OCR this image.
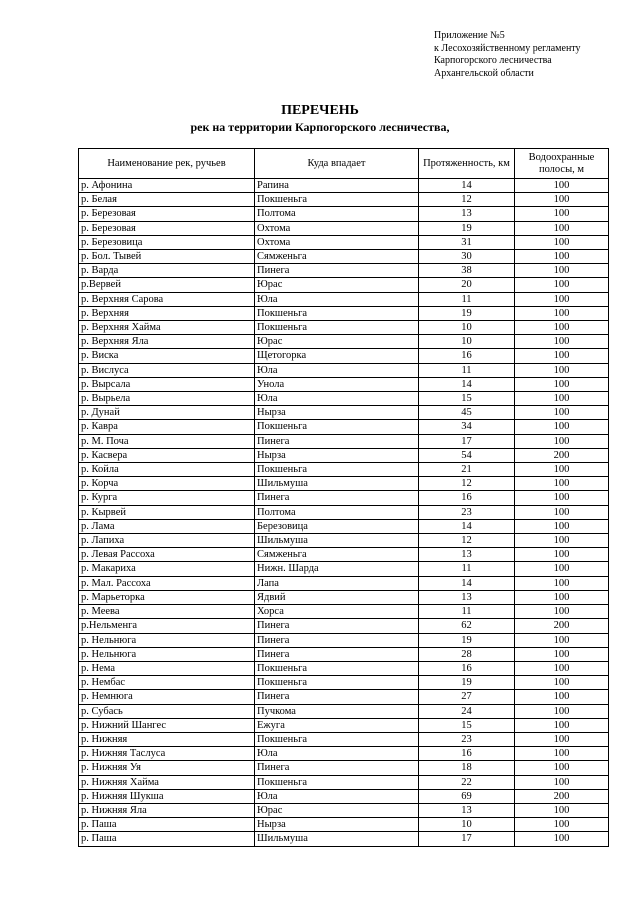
Приложение №5
к Лесохозяйственному регламенту
Карпогорского лесничества
Архангельской области
ПЕРЕЧЕНЬ
рек на территории Карпогорского лесничества,
Наименование рек, ручьев	Куда впадает	Протяженность, км	Водоохранные полосы, м
р. Афонина	Рапина	14	100
р. Белая	Покшеньга	12	100
р. Березовая	Полтома	13	100
р. Березовая	Охтома	19	100
р. Березовица	Охтома	31	100
р. Бол. Тывей	Сямженьга	30	100
р. Варда	Пинега	38	100
р.Вервей	Юрас	20	100
р. Верхняя Сарова	Юла	11	100
р. Верхняя	Покшеньга	19	100
р. Верхняя Хайма	Покшеньга	10	100
р. Верхняя Яла	Юрас	10	100
р. Виска	Щетогорка	16	100
р. Вислуса	Юла	11	100
р. Вырсала	Унола	14	100
р. Вырьела	Юла	15	100
р. Дунай	Нырза	45	100
р. Кавра	Покшеньга	34	100
р. М. Поча	Пинега	17	100
р. Касвера	Нырза	54	200
р. Койла	Покшеньга	21	100
р. Корча	Шильмуша	12	100
р. Курга	Пинега	16	100
р. Кырвей	Полтома	23	100
р. Лама	Березовица	14	100
р. Лапиха	Шильмуша	12	100
р. Левая Рассоха	Сямженьга	13	100
р. Макариха	Нижн. Шарда	11	100
р. Мал. Рассоха	Лапа	14	100
р. Марьеторка	Ядвий	13	100
р. Меева	Хорса	11	100
р.Нельменга	Пинега	62	200
р. Нельнюга	Пинега	19	100
р. Нельнюга	Пинега	28	100
р. Нема	Покшеньга	16	100
р. Нембас	Покшеньга	19	100
р. Немнюга	Пинега	27	100
р. Субась	Пучкома	24	100
р. Нижний Шангес	Ежуга	15	100
р. Нижняя	Покшеньга	23	100
р. Нижняя Таслуса	Юла	16	100
р. Нижняя Уя	Пинега	18	100
р. Нижняя Хайма	Покшеньга	22	100
р. Нижняя Шукша	Юла	69	200
р. Нижняя Яла	Юрас	13	100
р. Паша	Нырза	10	100
р. Паша	Шильмуша	17	100
